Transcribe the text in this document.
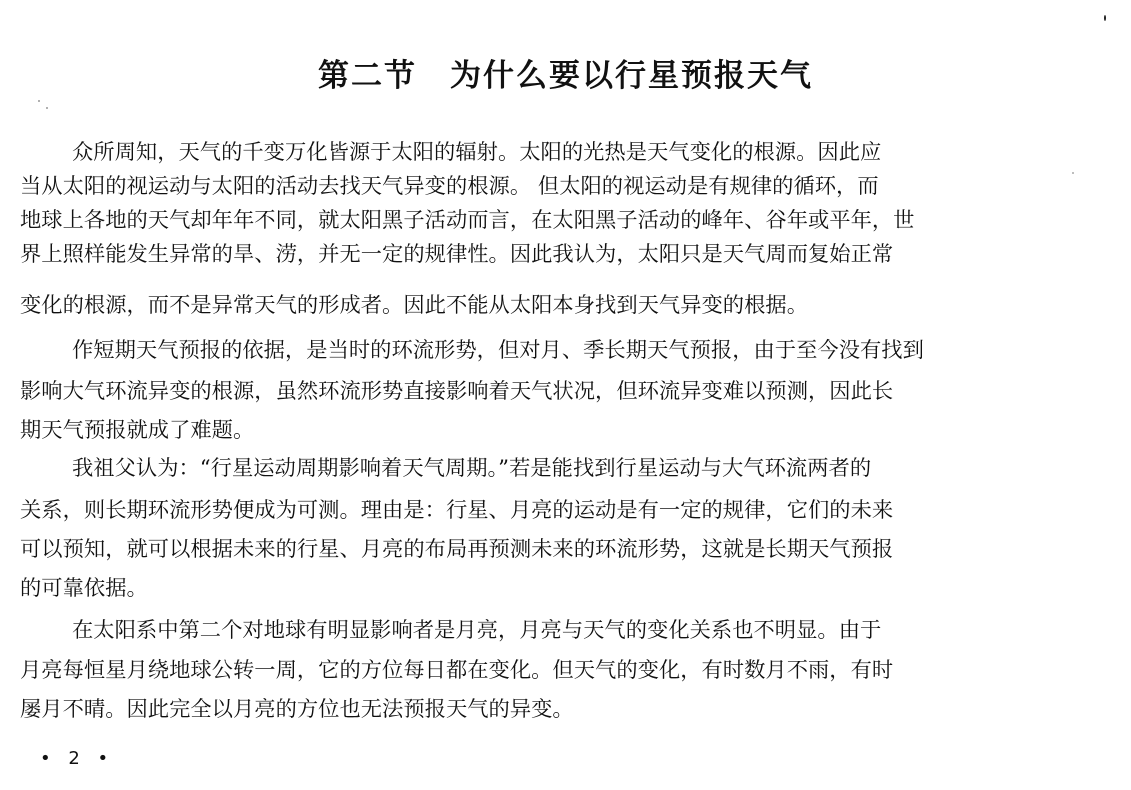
第二节　为什么要以行星预报天气
众所周知，天气的千变万化皆源于太阳的辐射。太阳的光热是天气变化的根源。因此应
当从太阳的视运动与太阳的活动去找天气异变的根源。 但太阳的视运动是有规律的循环，而
地球上各地的天气却年年不同，就太阳黑子活动而言，在太阳黑子活动的峰年、谷年或平年，世
界上照样能发生异常的旱、涝，并无一定的规律性。因此我认为，太阳只是天气周而复始正常
变化的根源，而不是异常天气的形成者。因此不能从太阳本身找到天气异变的根据。
作短期天气预报的依据，是当时的环流形势，但对月、季长期天气预报，由于至今没有找到
影响大气环流异变的根源，虽然环流形势直接影响着天气状况，但环流异变难以预测，因此长
期天气预报就成了难题。
我祖父认为：“行星运动周期影响着天气周期。”若是能找到行星运动与大气环流两者的
关系，则长期环流形势便成为可测。理由是：行星、月亮的运动是有一定的规律，它们的未来
可以预知，就可以根据未来的行星、月亮的布局再预测未来的环流形势，这就是长期天气预报
的可靠依据。
在太阳系中第二个对地球有明显影响者是月亮，月亮与天气的变化关系也不明显。由于
月亮每恒星月绕地球公转一周，它的方位每日都在变化。但天气的变化，有时数月不雨，有时
屡月不晴。因此完全以月亮的方位也无法预报天气的异变。
• 2 •
